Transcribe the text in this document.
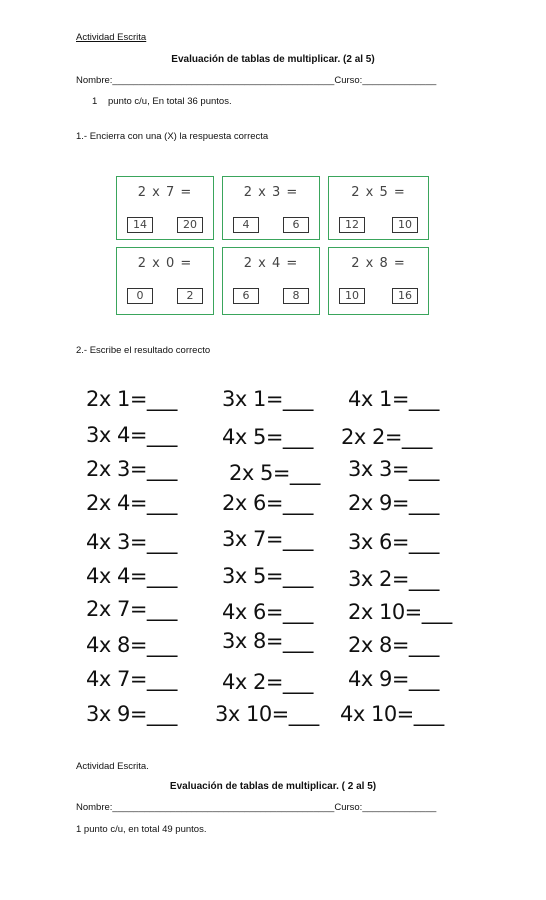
Actividad Escrita
Evaluación de tablas de multiplicar. (2 al 5)
Nombre:__________________________________________Curso:______________
1 punto c/u, En total 36 puntos.
1.- Encierra con una (X) la respuesta correcta
2 x 7 =
14	20
2 x 3 =
4	6
2 x 5 =
12	10
2 x 0 =
0	2
2 x 4 =
6	8
2 x 8 =
10	16
2.- Escribe el resultado correcto
2x 1=___ 3x 1=___ 4x 1=___
3x 4=___ 4x 5=___ 2x 2=___
2x 3=___ 2x 5=___ 3x 3=___
2x 4=___ 2x 6=___ 2x 9=___
4x 3=___ 3x 7=___ 3x 6=___
4x 4=___ 3x 5=___ 3x 2=___
2x 7=___ 4x 6=___ 2x 10=___
4x 8=___ 3x 8=___ 2x 8=___
4x 7=___ 4x 2=___ 4x 9=___
3x 9=___ 3x 10=___ 4x 10=___
Actividad Escrita.
Evaluación de tablas de multiplicar. ( 2 al 5)
Nombre:__________________________________________Curso:______________
1 punto c/u, en total 49 puntos.
